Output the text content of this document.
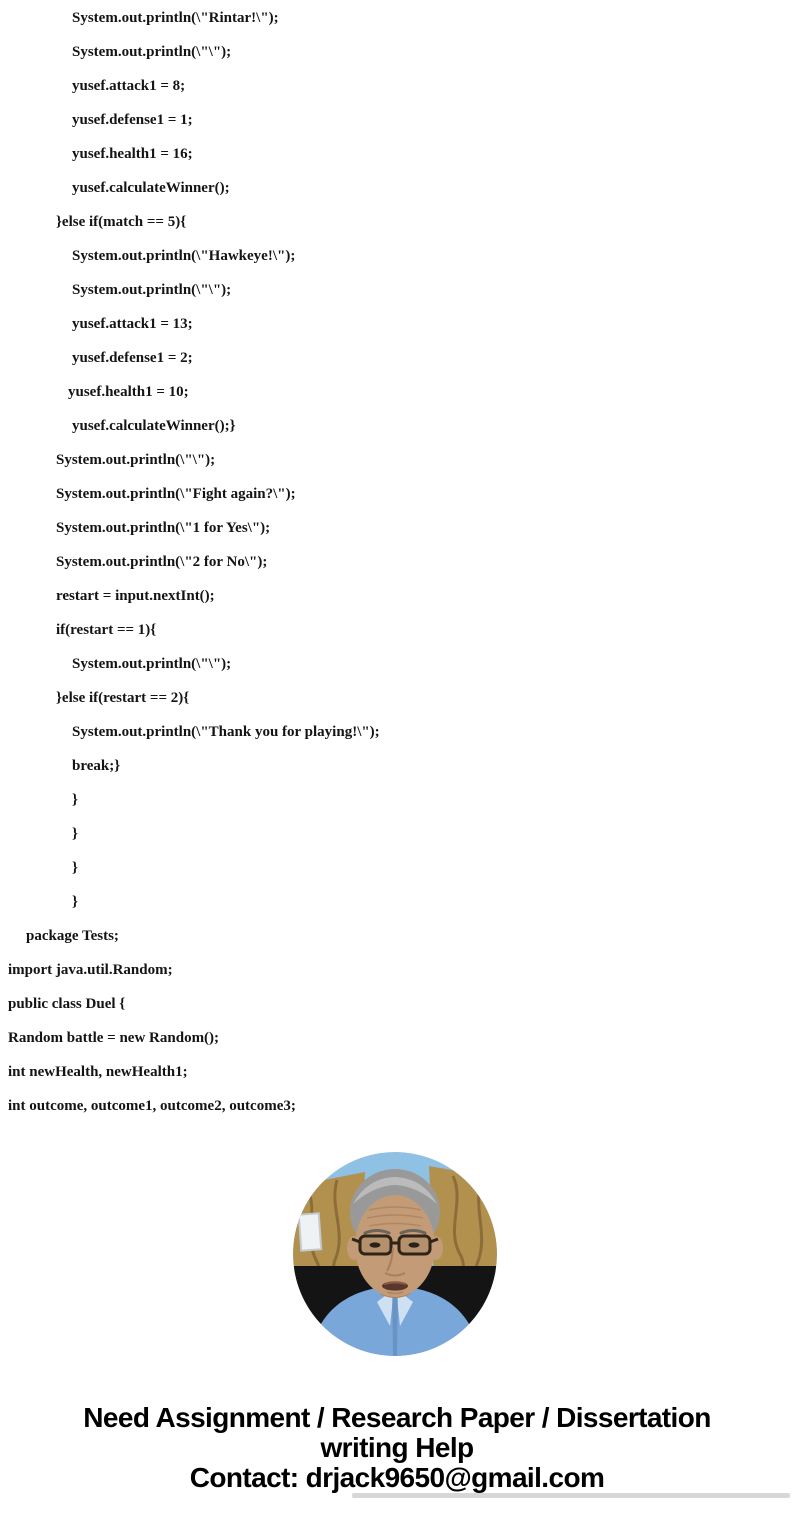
System.out.println(\"Rintar!\");
System.out.println(\"\");
yusef.attack1 = 8;
yusef.defense1 = 1;
yusef.health1 = 16;
yusef.calculateWinner();
}else if(match == 5){
System.out.println(\"Hawkeye!\");
System.out.println(\"\");
yusef.attack1 = 13;
yusef.defense1 = 2;
yusef.health1 = 10;
yusef.calculateWinner();}
System.out.println(\"\");
System.out.println(\"Fight again?\");
System.out.println(\"1 for Yes\");
System.out.println(\"2 for No\");
restart = input.nextInt();
if(restart == 1){
System.out.println(\"\");
}else if(restart == 2){
System.out.println(\"Thank you for playing!\");
break;}
}
}
}
}
package Tests;
import java.util.Random;
public class Duel {
Random battle = new Random();
int newHealth, newHealth1;
int outcome, outcome1, outcome2, outcome3;
Need Assignment / Research Paper / Dissertation
writing Help
Contact: drjack9650@gmail.com
